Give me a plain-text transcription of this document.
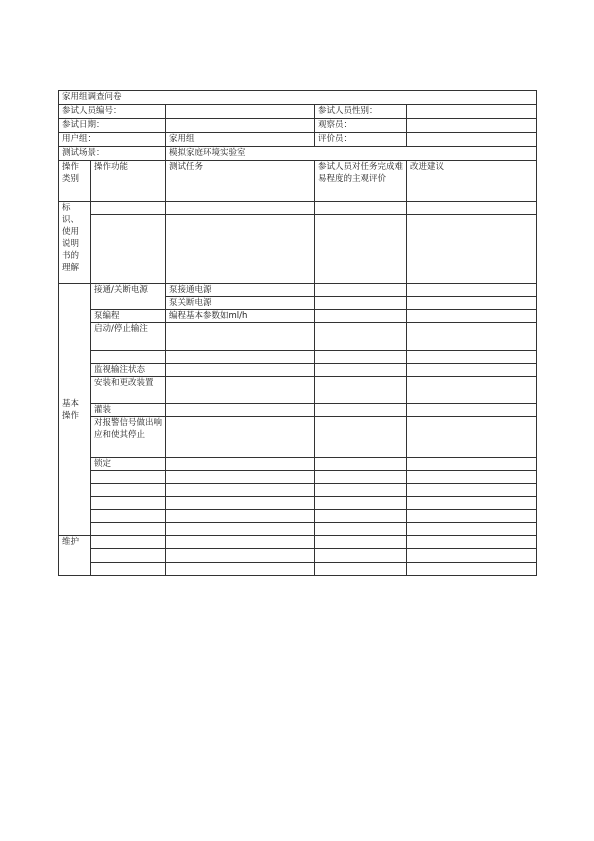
家用组调查问卷				
参试人员编号：			参试人员性别：	
参试日期：			观察员：	
用户组：		家用组	评价员：	
测试场景：		模拟家庭环境实验室		
操作类别	操作功能	测试任务	参试人员对任务完成难易程度的主观评价	改进建议
标识、使用说明书的理解				

基本操作	接通/关断电源	泵接通电源		
		泵关断电源		
	泵编程	编程基本参数如ml/h		
	启动/停止输注			

	监视输注状态			
	安装和更改装置			
	灌装			
	对报警信号做出响应和使其停止			
	锁定			

维护				
